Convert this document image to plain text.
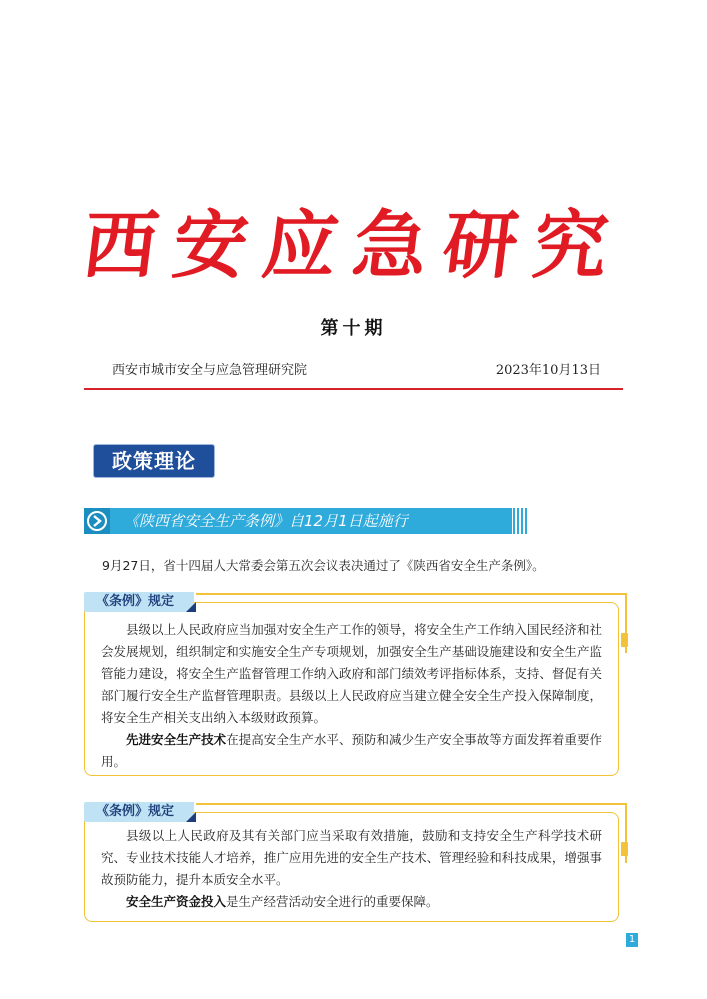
西安应急研究
第十期
西安市城市安全与应急管理研究院	2023年10月13日
政策理论
《陕西省安全生产条例》自12月1日起施行
9月27日，省十四届人大常委会第五次会议表决通过了《陕西省安全生产条例》。

县级以上人民政府应当加强对安全生产工作的领导，将安全生产工作纳入国民经济和社会发展规划，组织制定和实施安全生产专项规划，加强安全生产基础设施建设和安全生产监管能力建设，将安全生产监督管理工作纳入政府和部门绩效考评指标体系，支持、督促有关部门履行安全生产监督管理职责。县级以上人民政府应当建立健全安全生产投入保障制度，将安全生产相关支出纳入本级财政预算。

先进安全生产技术在提高安全生产水平、预防和减少生产安全事故等方面发挥着重要作用。

《条例》规定

县级以上人民政府及其有关部门应当采取有效措施，鼓励和支持安全生产科学技术研究、专业技术技能人才培养，推广应用先进的安全生产技术、管理经验和科技成果，增强事故预防能力，提升本质安全水平。

安全生产资金投入是生产经营活动安全进行的重要保障。

《条例》规定
1
